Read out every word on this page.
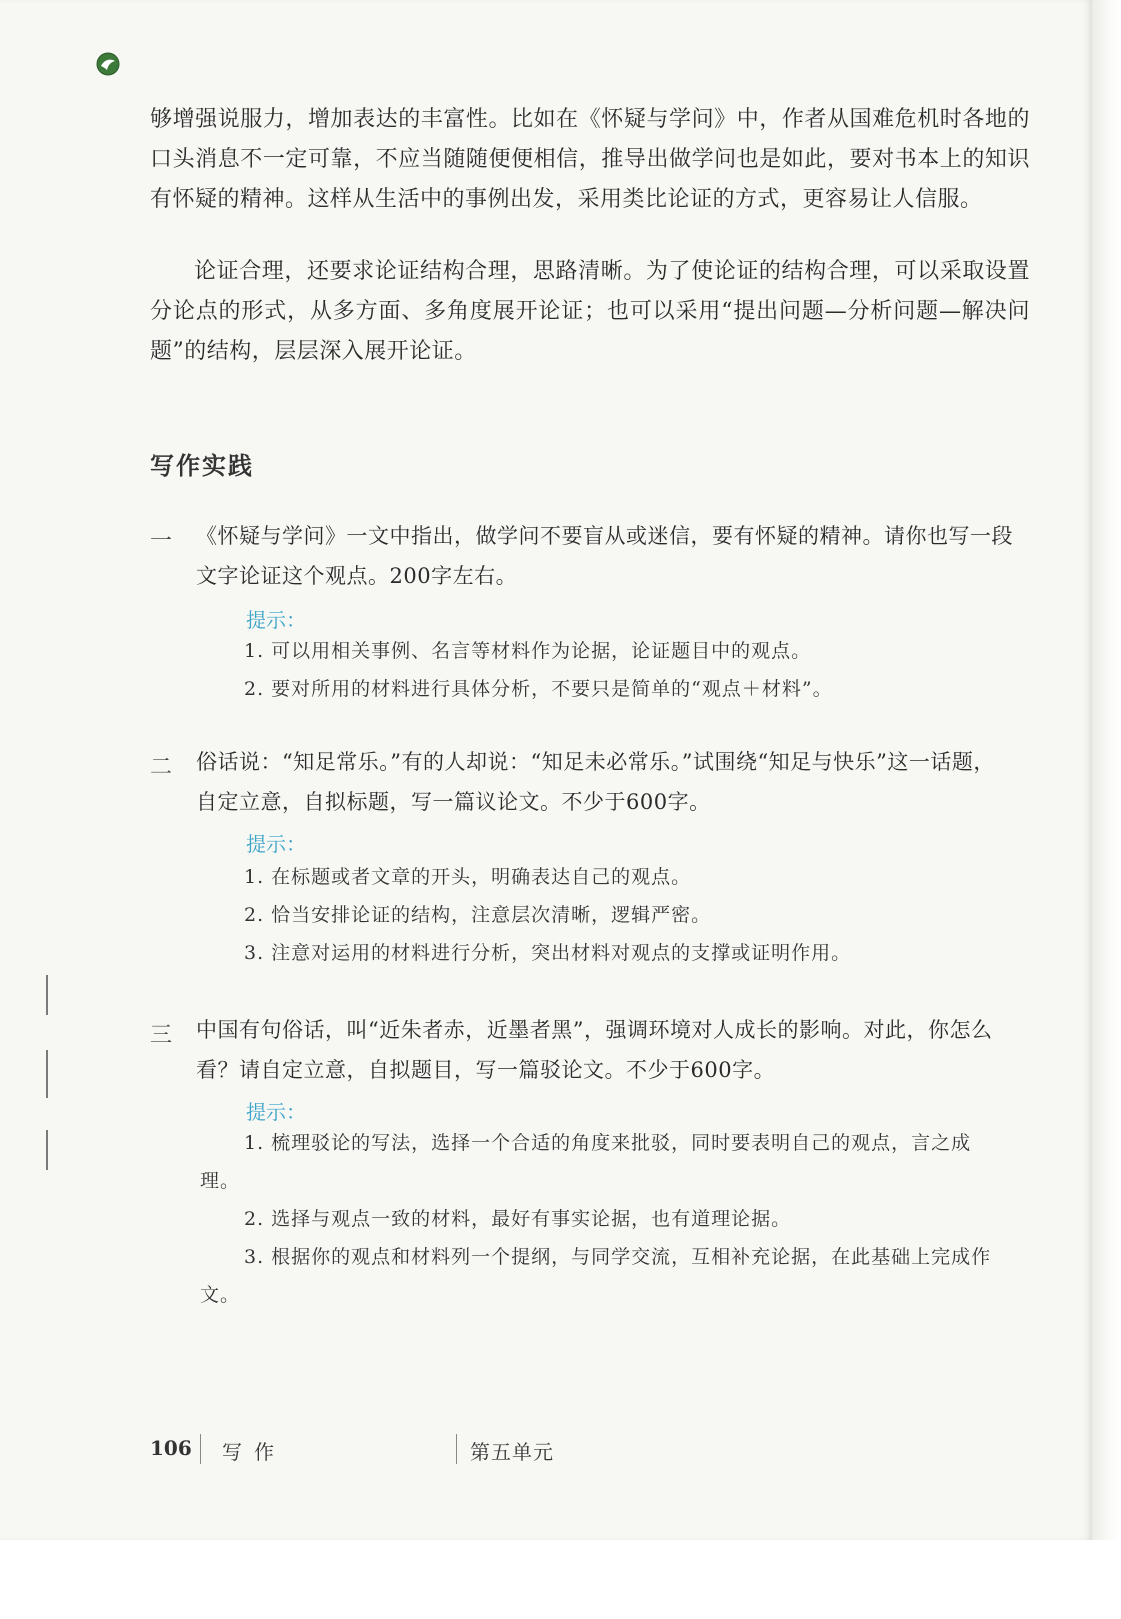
够增强说服力，增加表达的丰富性。比如在《怀疑与学问》中，作者从国难危机时各地的口头消息不一定可靠，不应当随随便便相信，推导出做学问也是如此，要对书本上的知识有怀疑的精神。这样从生活中的事例出发，采用类比论证的方式，更容易让人信服。

论证合理，还要求论证结构合理，思路清晰。为了使论证的结构合理，可以采取设置分论点的形式，从多方面、多角度展开论证；也可以采用“提出问题—分析问题—解决问题”的结构，层层深入展开论证。

写作实践
一 《怀疑与学问》一文中指出，做学问不要盲从或迷信，要有怀疑的精神。请你也写一段文字论证这个观点。200字左右。

提示：

1. 可以用相关事例、名言等材料作为论据，论证题目中的观点。

2. 要对所用的材料进行具体分析，不要只是简单的“观点＋材料”。

二 俗话说：“知足常乐。”有的人却说：“知足未必常乐。”试围绕“知足与快乐”这一话题，自定立意，自拟标题，写一篇议论文。不少于600字。

提示：

1. 在标题或者文章的开头，明确表达自己的观点。

2. 恰当安排论证的结构，注意层次清晰，逻辑严密。

3. 注意对运用的材料进行分析，突出材料对观点的支撑或证明作用。

三 中国有句俗话，叫“近朱者赤，近墨者黑”，强调环境对人成长的影响。对此，你怎么看？请自定立意，自拟题目，写一篇驳论文。不少于600字。

提示：

1. 梳理驳论的写法，选择一个合适的角度来批驳，同时要表明自己的观点，言之成理。

2. 选择与观点一致的材料，最好有事实论据，也有道理论据。

3. 根据你的观点和材料列一个提纲，与同学交流，互相补充论据，在此基础上完成作文。

106 写作	第五单元
